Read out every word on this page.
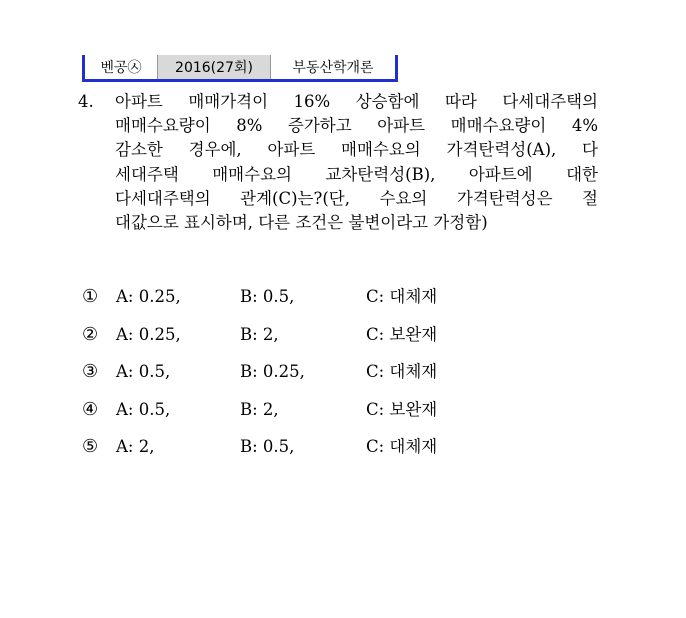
벤공㉦	2016(27회)	부동산학개론
4. 아파트 매매가격이 16% 상승함에 따라 다세대주택의
매매수요량이 8% 증가하고 아파트 매매수요량이 4%
감소한 경우에, 아파트 매매수요의 가격탄력성(A), 다
세대주택 매매수요의 교차탄력성(B), 아파트에 대한
다세대주택의 관계(C)는?(단, 수요의 가격탄력성은 절
대값으로 표시하며, 다른 조건은 불변이라고 가정함)
① A: 0.25,	B: 0.5,	C: 대체재
② A: 0.25,	B: 2,	C: 보완재
③ A: 0.5,	B: 0.25,	C: 대체재
④ A: 0.5,	B: 2,	C: 보완재
⑤ A: 2,	B: 0.5,	C: 대체재
